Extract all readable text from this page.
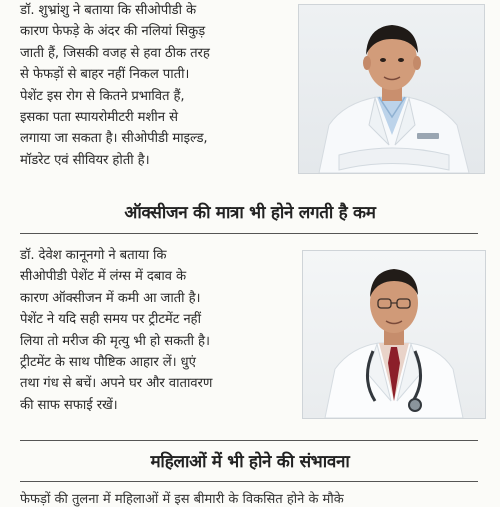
डॉ. शुभ्रांशु ने बताया कि सीओपीडी के
कारण फेफड़े के अंदर की नलियां सिकुड़
जाती हैं, जिसकी वजह से हवा ठीक तरह
से फेफड़ों से बाहर नहीं निकल पाती।
पेशेंट इस रोग से कितने प्रभावित हैं,
इसका पता स्पायरोमीटरी मशीन से
लगाया जा सकता है। सीओपीडी माइल्ड,
मॉडरेट एवं सीवियर होती है।

ऑक्सीजन की मात्रा भी होने लगती है कम

डॉ. देवेश कानूनगो ने बताया कि
सीओपीडी पेशेंट में लंग्स में दबाव के
कारण ऑक्सीजन में कमी आ जाती है।
पेशेंट ने यदि सही समय पर ट्रीटमेंट नहीं
लिया तो मरीज की मृत्यु भी हो सकती है।
ट्रीटमेंट के साथ पौष्टिक आहार लें। धुएं
तथा गंध से बचें। अपने घर और वातावरण
की साफ सफाई रखें।

महिलाओं में भी होने की संभावना

फेफड़ों की तुलना में महिलाओं में इस बीमारी के विकसित होने के मौके
